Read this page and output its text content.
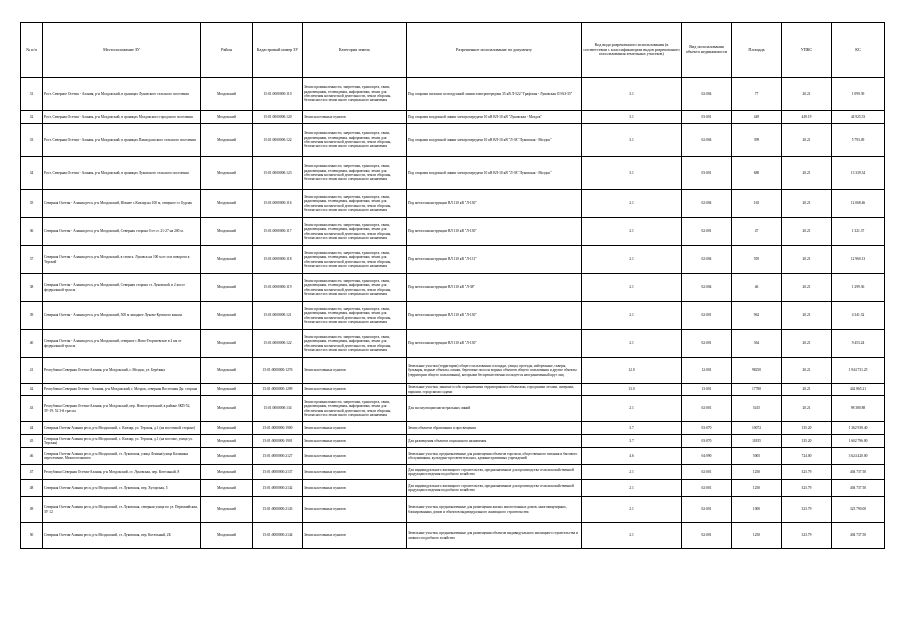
№ п/п	Местоположение ЗУ	Район	Кадастровый номер ЗУ	Категория земель	Разрешенное использование по документу	Код вида разрешенного использования (в соответствии с классификатором видов разрешенного использования земельных участков)	Вид использования объекта недвижимости	Площадь	УПКС	КС
31	Рост. Северное Осетия - Алания, р-н Моздокский, в границах Луковского сельского поселения	Моздокский	15:01:0000000:110	Земли промышленности, энергетики, транспорта, связи, радиовещания, телевидения, информатики, земли для обеспечения космической деятельности, земли обороны, безопасности и земли иного специального назначения	Под опорами пилонов по воздушной линии электропередачи 35 кВ Л-522 "Графская - Луковская ОЭАЗ-35"	3.1	02:004	77	20.21	1 099.39
32	Рост. Северная Осетия - Алания, р-н Моздокский, в границах Моздокского городского поселения	Моздокский	15:01:0000000:120	Земли населенных пунктов	Под опорами воздушной линии электропередачи 10 кВ ВЛ-10 кВ "Луковская - Моздок"	3.1	03:001	449	449.19	44 925.53
33	Рост. Северная Осетия - Алания, р-н Моздокский, в границах Павлодольского сельского поселения	Моздокский	15:01:0000000:122	Земли промышленности, энергетики, транспорта, связи, радиовещания, телевидения, информатики, земли для обеспечения космической деятельности, земли обороны, безопасности и земли иного специального назначения	Под опорами воздушной линии электропередачи 10 кВ ВЛ-10 кВ "Л-38 "Луковская - Моздок"	3.1	02:004	399	20.21	5 793.49
34	Рост. Северная Осетия - Алания, р-н Моздокский, в границах Луковского сельского поселения	Моздокский	15:01:0000000:123	Земли промышленности, энергетики, транспорта, связи, радиовещания, телевидения, информатики, земли для обеспечения космической деятельности, земли обороны, безопасности и земли иного специального назначения	Под опорами воздушной линии электропередачи 10 кВ ВЛ-10 кВ "Л-38 "Луковская - Моздок"	3.1	03:001	680	20.21	13 339.34
35	Северная Осетия - Алания респ, р-н Моздокский, Южнее с.Кизляр на 100 м, северное ст. Бурлак	Моздокский	15:01:0000000:116	Земли промышленности, энергетики, транспорта, связи, радиовещания, телевидения, информатики, земли для обеспечения космической деятельности, земли обороны, безопасности и земли иного специального назначения	Под металлоконструкции ВЛ 110 кВ "Л-130"	2.1	02:004	165	20.21	12 068.46
36	Северная Осетия - Алания респ, р-н Моздокский, Северная сторона 0 от ст. 21-27 на 200 м.	Моздокский	15:01:0000000:117	Земли промышленности, энергетики, транспорта, связи, радиовещания, телевидения, информатики, земли для обеспечения космической деятельности, земли обороны, безопасности и земли иного специального назначения	Под металлоконструкции ВЛ 110 кВ "Л-130"	2.1	02:001	47	20.21	1 321.37
37	Северная Осетия - Алания респ, р-н Моздокский, в семи к. Луковск на 100 м от оси поворота к Терской	Моздокский	15:01:0000000:118	Земли промышленности, энергетики, транспорта, связи, радиовещания, телевидения, информатики, земли для обеспечения космической деятельности, земли обороны, безопасности и земли иного специального назначения	Под металлоконструкции ВЛ 110 кВ "Л-131"	2.1	02:004	595	20.21	12 960.13
38	Северная Осетия - Алания респ, р-н Моздокский, Северная сторона ст. Луковской, в 2 км от федеральной трассы	Моздокский	15:01:0000000:119	Земли промышленности, энергетики, транспорта, связи, радиовещания, телевидения, информатики, земли для обеспечения космической деятельности, земли обороны, безопасности и земли иного специального назначения	Под металлоконструкции ВЛ 110 кВ "Л-38"	2.1	02:004	46	20.21	1 299.36
39	Северная Осетия - Алания респ, р-н Моздокский, 500 м западнее Луково-Кумского канала	Моздокский	15:01:0000000:121	Земли промышленности, энергетики, транспорта, связи, радиовещания, телевидения, информатики, земли для обеспечения космической деятельности, земли обороны, безопасности и земли иного специального назначения	Под металлоконструкции ВЛ 110 кВ "Л-130"	2.1	02:001	962	20.21	4 341.32
40	Северная Осетия - Алания респ, р-н Моздокский, северное с.Ново-Георгиевское в 2 км от федеральной трассы	Моздокский	15:01:0000000:122	Земли промышленности, энергетики, транспорта, связи, радиовещания, телевидения, информатики, земли для обеспечения космической деятельности, земли обороны, безопасности и земли иного специального назначения	Под металлоконструкции ВЛ 110 кВ "Л-130"	2.1	02:001	364	20.21	9 453.24
41	Республика Северная Осетия-Алания, р-н Моздокский, г. Моздок, ул. Берёзина	Моздокский	15:01:0000000:1276	Земли населенных пунктов	Земельные участки (территории) общего пользования: площади, улицы, проезды, набережные, скверы, бульвары, водные объекты, пляжи, береговые полосы водных объектов общего пользования и другие объекты (территории общего пользования), которыми беспрепятственно пользуется неограниченный круг лиц	12.0	12:001	98250	20.21	1 944 731.25
42	Республика Северная Осетия - Алания, р-н Моздокский, г. Моздок, северная Восточная Дн. сторона	Моздокский	15:01:0000000:1299	Земли населенных пунктов	Земельные участки, занятые особо охраняемыми территориями и объектами, городскими лесами, скверами, парками, городскими садами	13.0	13:001	17788	20.21	442 865.21
43	Республика Северная Осетия-Алания, р-н Моздокский, пер. Новостроевский, в районе ЗКП-52, ЗУ-19, 52 3-й трассы	Моздокский	15:01:0000000:134	Земли промышленности, энергетики, транспорта, связи, радиовещания, телевидения, информатики, земли для обеспечения космической деятельности, земли обороны, безопасности и земли иного специального назначения	Для эксплуатации магистральных линий	2.1	02:001	5415	20.21	98 380.88
44	Северная Осетия-Алания респ, р-н Моздокский, с. Кизляр, ул. Терская, д.1 (на восточной стороне)	Моздокский	15:01:0000000:1900	Земли населенных пунктов	Земли объектов образования и просвещения	3.7	03:070	10072	135.20	1 362 938.40
45	Северная Осетия-Алания респ, р-н Моздокский, с. Кизляр, ул. Терская, д.1 (на востоке, улица ул. Терская)	Моздокский	15:01:0000000:1901	Земли населенных пунктов	Для размещения объектов социального назначения	3.7	03:070	11855	135.20	1 602 796.00
46	Северная Осетия-Алания респ, р-н Моздокский, ст. Луковская, улица Ленина/улица Калинина пересечение, Межпоселкового	Моздокский	15:01:0000000:2127	Земли населенных пунктов	Земельные участки, предназначенные для размещения объектов торговли, общественного питания и бытового обслуживания, культурно-просветительских, административных учреждений	4.6	04:090	5005	724.00	3 624 420.00
47	Республика Северная Осетия-Алания, р-н Моздокский, ст. Луковская, пер. Котельный, 8	Моздокский	15:01:0000000:2137	Земли населенных пунктов	Для индивидуального жилищного строительства, предназначенные для производства сельскохозяйственной продукции и ведения подсобного хозяйства	2.1	02:001	1250	323.79	404 737.50
48	Северная Осетия-Алания респ, р-н Моздокский, ст. Луковская, пер. Хуторская, 5	Моздокский	15:01:0000000:2142	Земли населенных пунктов	Для индивидуального жилищного строительства, предназначенные для производства сельскохозяйственной продукции и ведения подсобного хозяйства	2.1	02:001	1250	323.79	404 737.50
49	Северная Осетия-Алания респ, р-н Моздокский, ст. Луковская, северная улица по ул. Первомайская, ЗУ 12	Моздокский	15:01:0000000:2143	Земли населенных пунктов	Земельные участки, предназначенные для размещения жилых многоэтажных домов, многоквартирных, блокированных домов и объектов индивидуального жилищного строительства	2.1	02:001	1000	323.79	323 790.00
50	Северная Осетия-Алания респ, р-н Моздокский, ст. Луковская, пер. Котельный, 2Б	Моздокский	15:01:0000000:2144	Земли населенных пунктов	Земельные участки, предназначенные для размещения объектов индивидуального жилищного строительства и личного подсобного хозяйства	2.1	02:001	1250	323.79	404 737.50
